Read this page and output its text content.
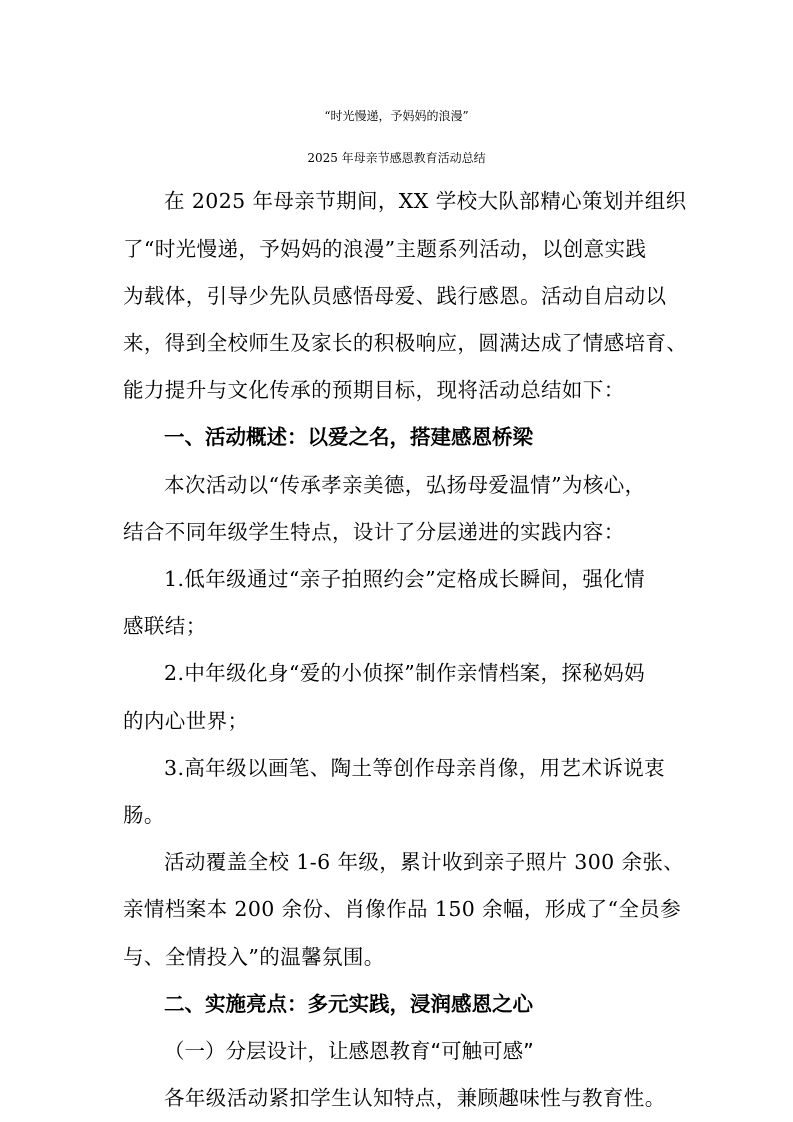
“时光慢递，予妈妈的浪漫”
2025 年母亲节感恩教育活动总结
在 2025 年母亲节期间，XX 学校大队部精心策划并组织
了“时光慢递，予妈妈的浪漫”主题系列活动，以创意实践
为载体，引导少先队员感悟母爱、践行感恩。活动自启动以
来，得到全校师生及家长的积极响应，圆满达成了情感培育、
能力提升与文化传承的预期目标，现将活动总结如下：
一、活动概述：以爱之名，搭建感恩桥梁
本次活动以“传承孝亲美德，弘扬母爱温情”为核心，
结合不同年级学生特点，设计了分层递进的实践内容：
1.低年级通过“亲子拍照约会”定格成长瞬间，强化情
感联结；
2.中年级化身“爱的小侦探”制作亲情档案，探秘妈妈
的内心世界；
3.高年级以画笔、陶土等创作母亲肖像，用艺术诉说衷
肠。
活动覆盖全校 1-6 年级，累计收到亲子照片 300 余张、
亲情档案本 200 余份、肖像作品 150 余幅，形成了“全员参
与、全情投入”的温馨氛围。
二、实施亮点：多元实践，浸润感恩之心
（一）分层设计，让感恩教育“可触可感”
各年级活动紧扣学生认知特点，兼顾趣味性与教育性。
